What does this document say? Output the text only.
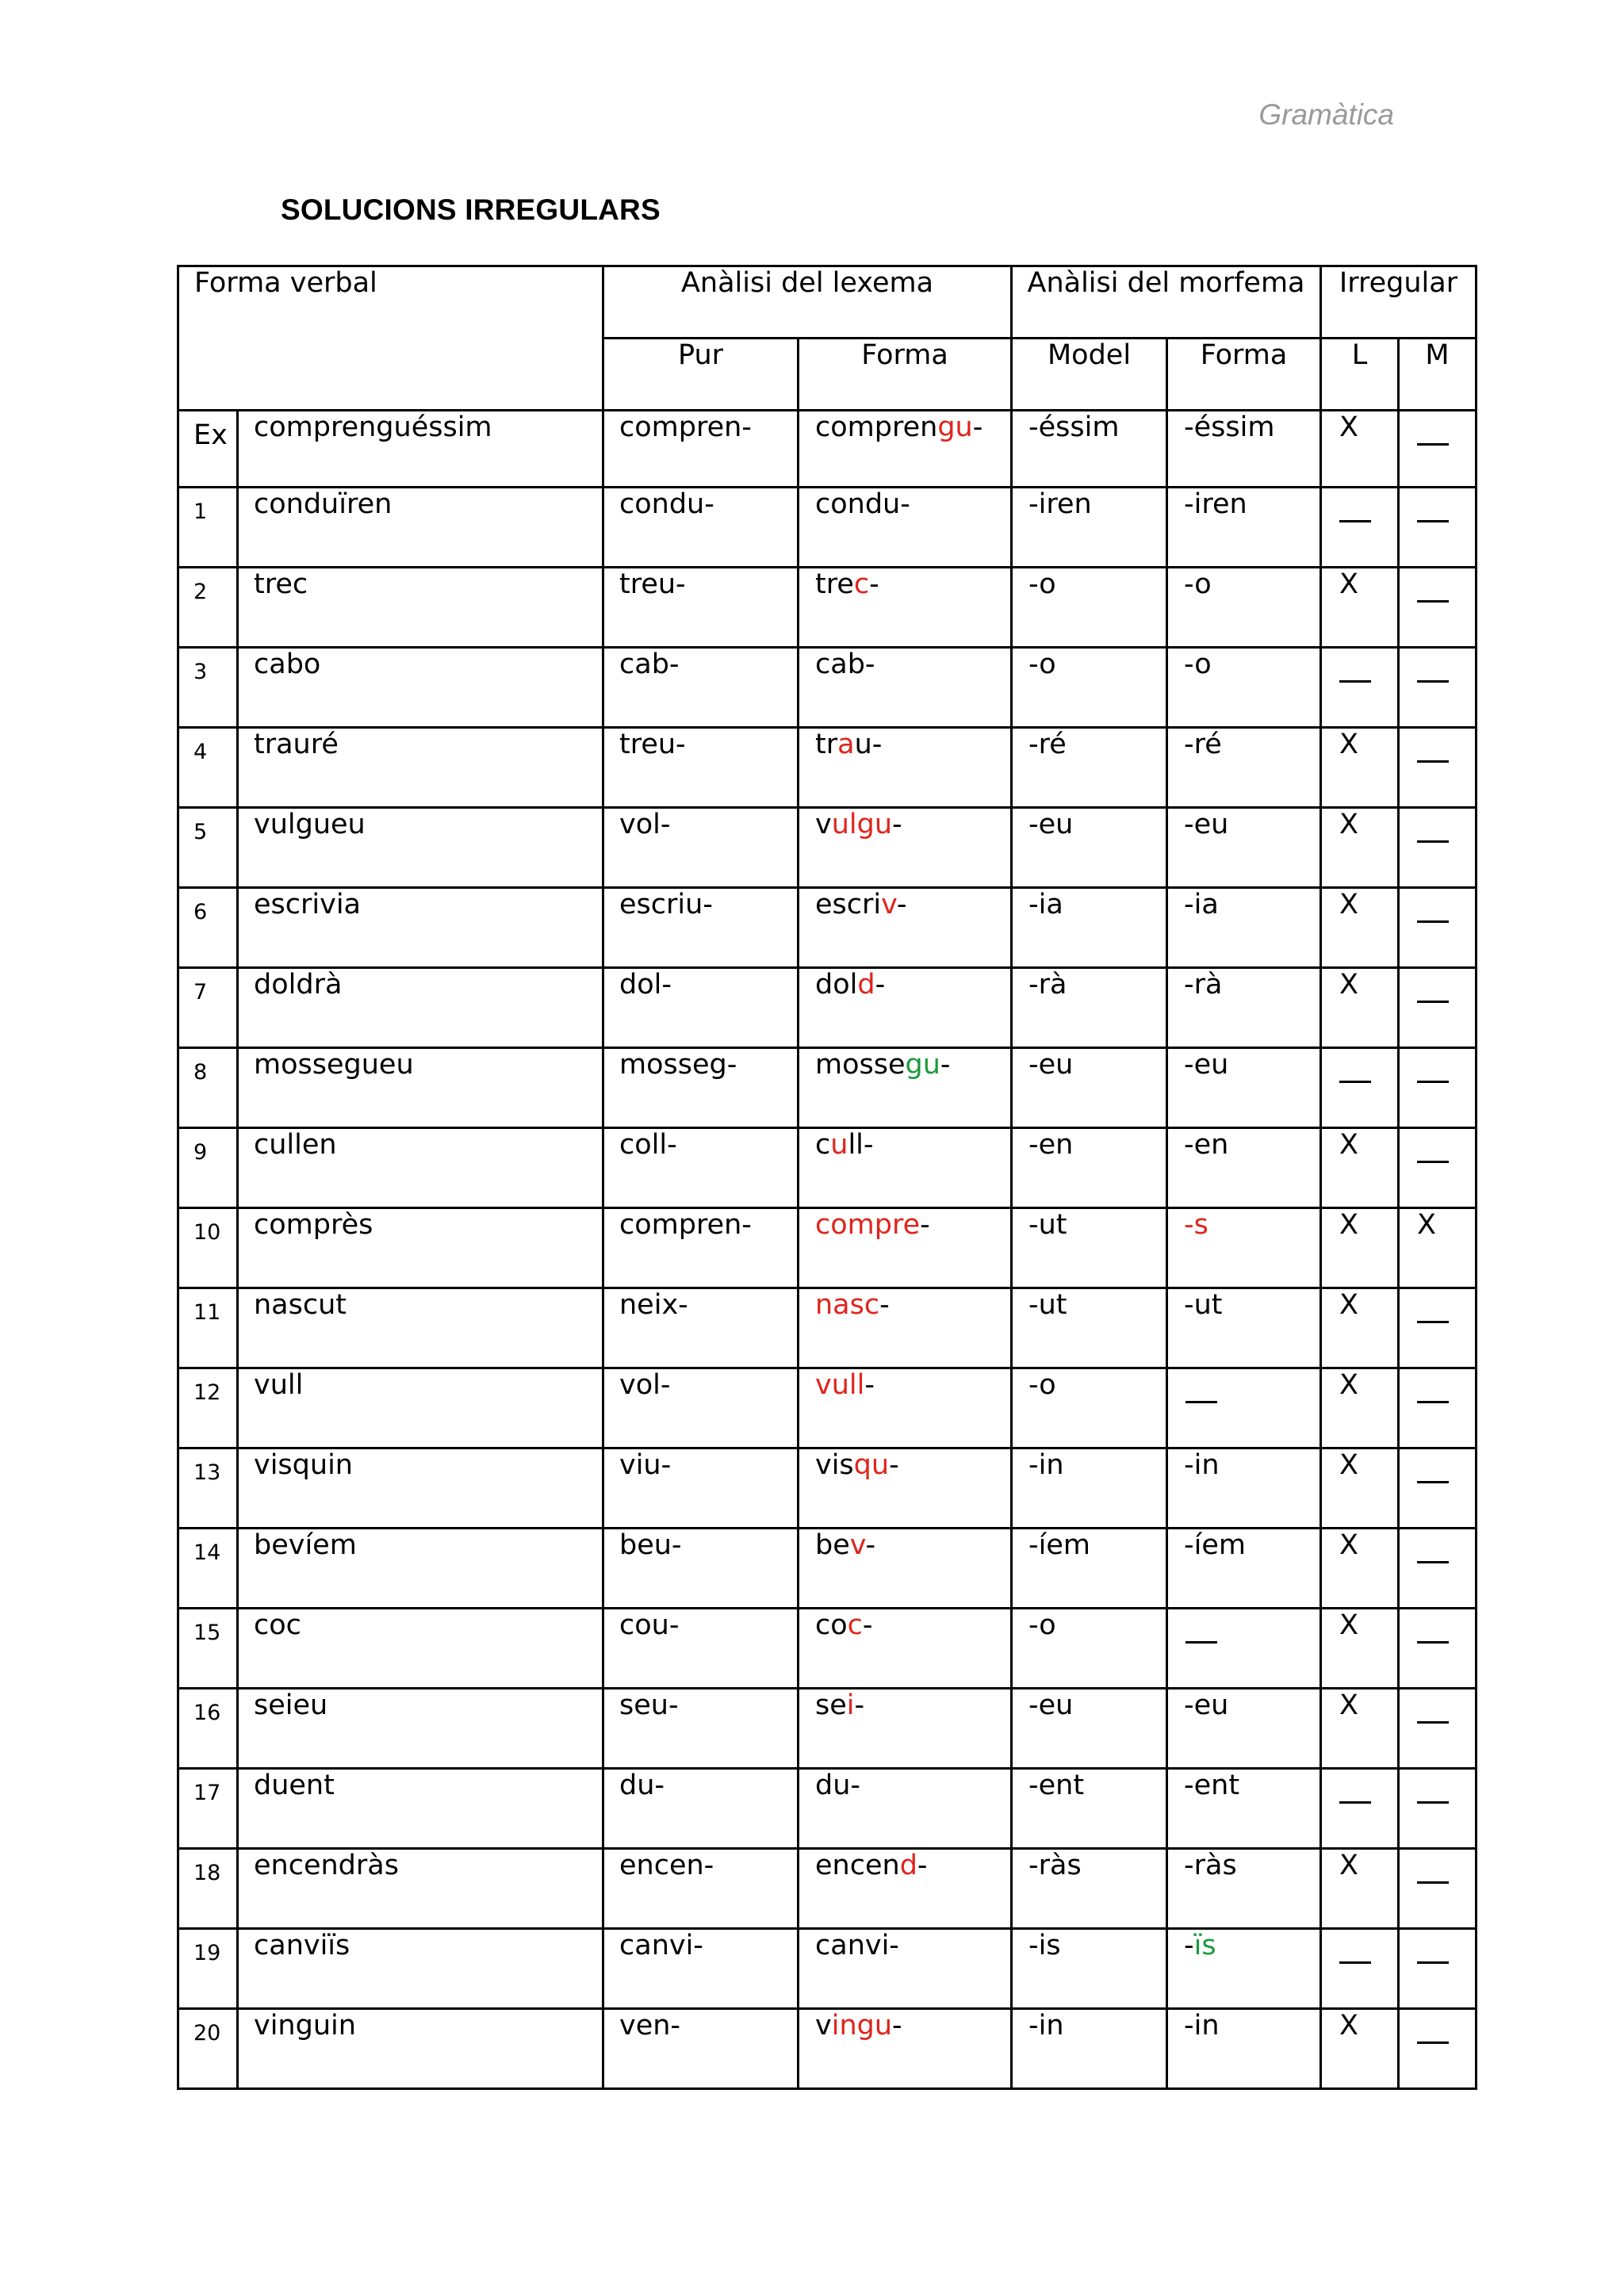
Gramàtica
SOLUCIONS IRREGULARS
Forma verbal		Anàlisi del lexema		Anàlisi del morfema		Irregular	
		Pur	Forma	Model	Forma	L	M
Ex	comprenguéssim	compren-	comprengu-	-éssim	-éssim	X	
1	conduïren	condu-	condu-	-iren	-iren		
2	trec	treu-	trec-	-o	-o	X	
3	cabo	cab-	cab-	-o	-o		
4	trauré	treu-	trau-	-ré	-ré	X	
5	vulgueu	vol-	vulgu-	-eu	-eu	X	
6	escrivia	escriu-	escriv-	-ia	-ia	X	
7	doldrà	dol-	dold-	-rà	-rà	X	
8	mossegueu	mosseg-	mossegu-	-eu	-eu		
9	cullen	coll-	cull-	-en	-en	X	
10	comprès	compren-	compre-	-ut	-s	X	X
11	nascut	neix-	nasc-	-ut	-ut	X	
12	vull	vol-	vull-	-o		X	
13	visquin	viu-	visqu-	-in	-in	X	
14	bevíem	beu-	bev-	-íem	-íem	X	
15	coc	cou-	coc-	-o		X	
16	seieu	seu-	sei-	-eu	-eu	X	
17	duent	du-	du-	-ent	-ent		
18	encendràs	encen-	encend-	-ràs	-ràs	X	
19	canviïs	canvi-	canvi-	-is	-ïs		
20	vinguin	ven-	vingu-	-in	-in	X	
